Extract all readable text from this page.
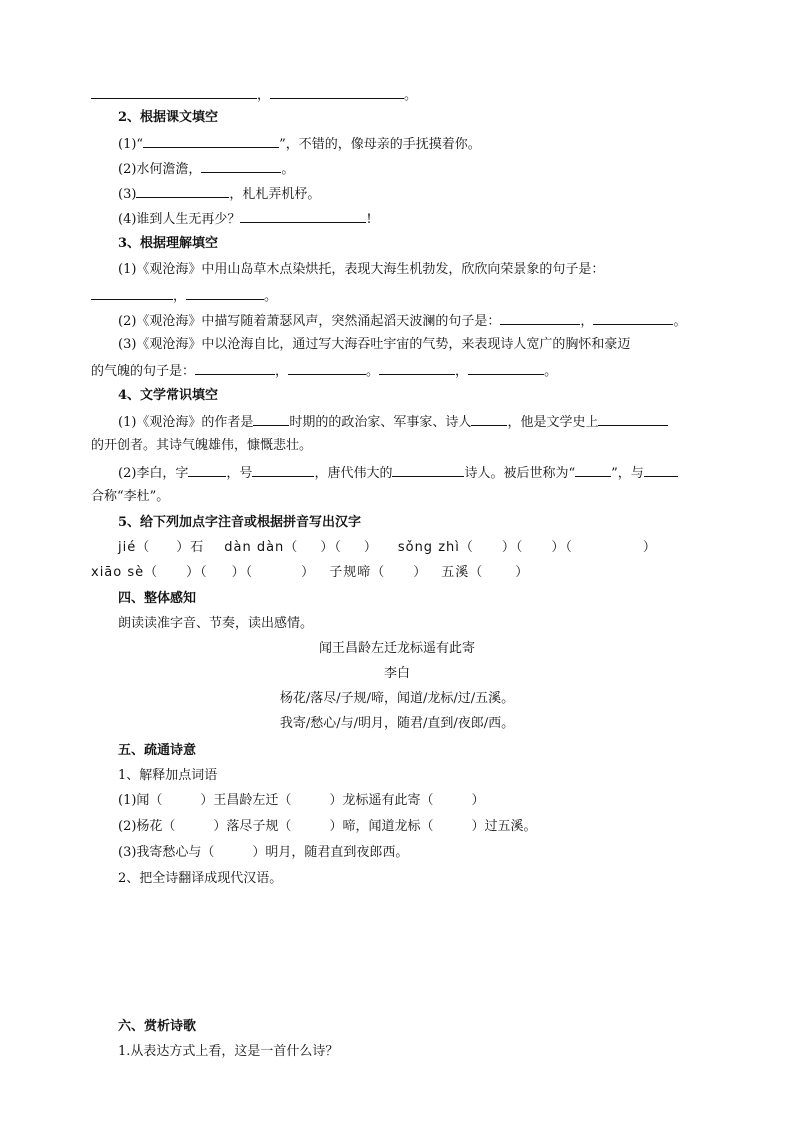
，	。
2、根据课文填空
(1)“	”，不错的，像母亲的手抚摸着你。
(2)水何澹澹，	。
(3)	，札札弄机杼。
(4)谁到人生无再少？	!
3、根据理解填空
(1)《观沧海》中用山岛草木点染烘托，表现大海生机勃发，欣欣向荣景象的句子是：
，	。
(2)《观沧海》中描写随着萧瑟风声，突然涌起滔天波澜的句子是：	，	。
(3)《观沧海》中以沧海自比，通过写大海吞吐宇宙的气势，来表现诗人宽广的胸怀和豪迈
的气魄的句子是：	，	。	，	。
4、文学常识填空
(1)《观沧海》的作者是	时期的的政治家、军事家、诗人	，他是文学史上
的开创者。其诗气魄雄伟，慷慨悲壮。
(2)李白，字	，号	，唐代伟大的	诗人。被后世称为“	”，与
合称“李杜”。
5、给下列加点字注音或根据拼音写出汉字
jié（ ）石 dàn dàn（ ）（ ） sǒng zhì（ ）（ ）（	）
xiāo sè（ ）（ ）（	） 子规啼（ ） 五溪（ ）
四、整体感知
朗读读准字音、节奏，读出感情。
闻王昌龄左迁龙标遥有此寄
李白
杨花/落尽/子规/啼，闻道/龙标/过/五溪。
我寄/愁心/与/明月，随君/直到/夜郎/西。
五、疏通诗意
1、解释加点词语
(1)闻（	）王昌龄左迁（	）龙标遥有此寄（	）
(2)杨花（	）落尽子规（	）啼，闻道龙标（	）过五溪。
(3)我寄愁心与（	）明月，随君直到夜郎西。
2、把全诗翻译成现代汉语。
六、赏析诗歌
1.从表达方式上看，这是一首什么诗？
